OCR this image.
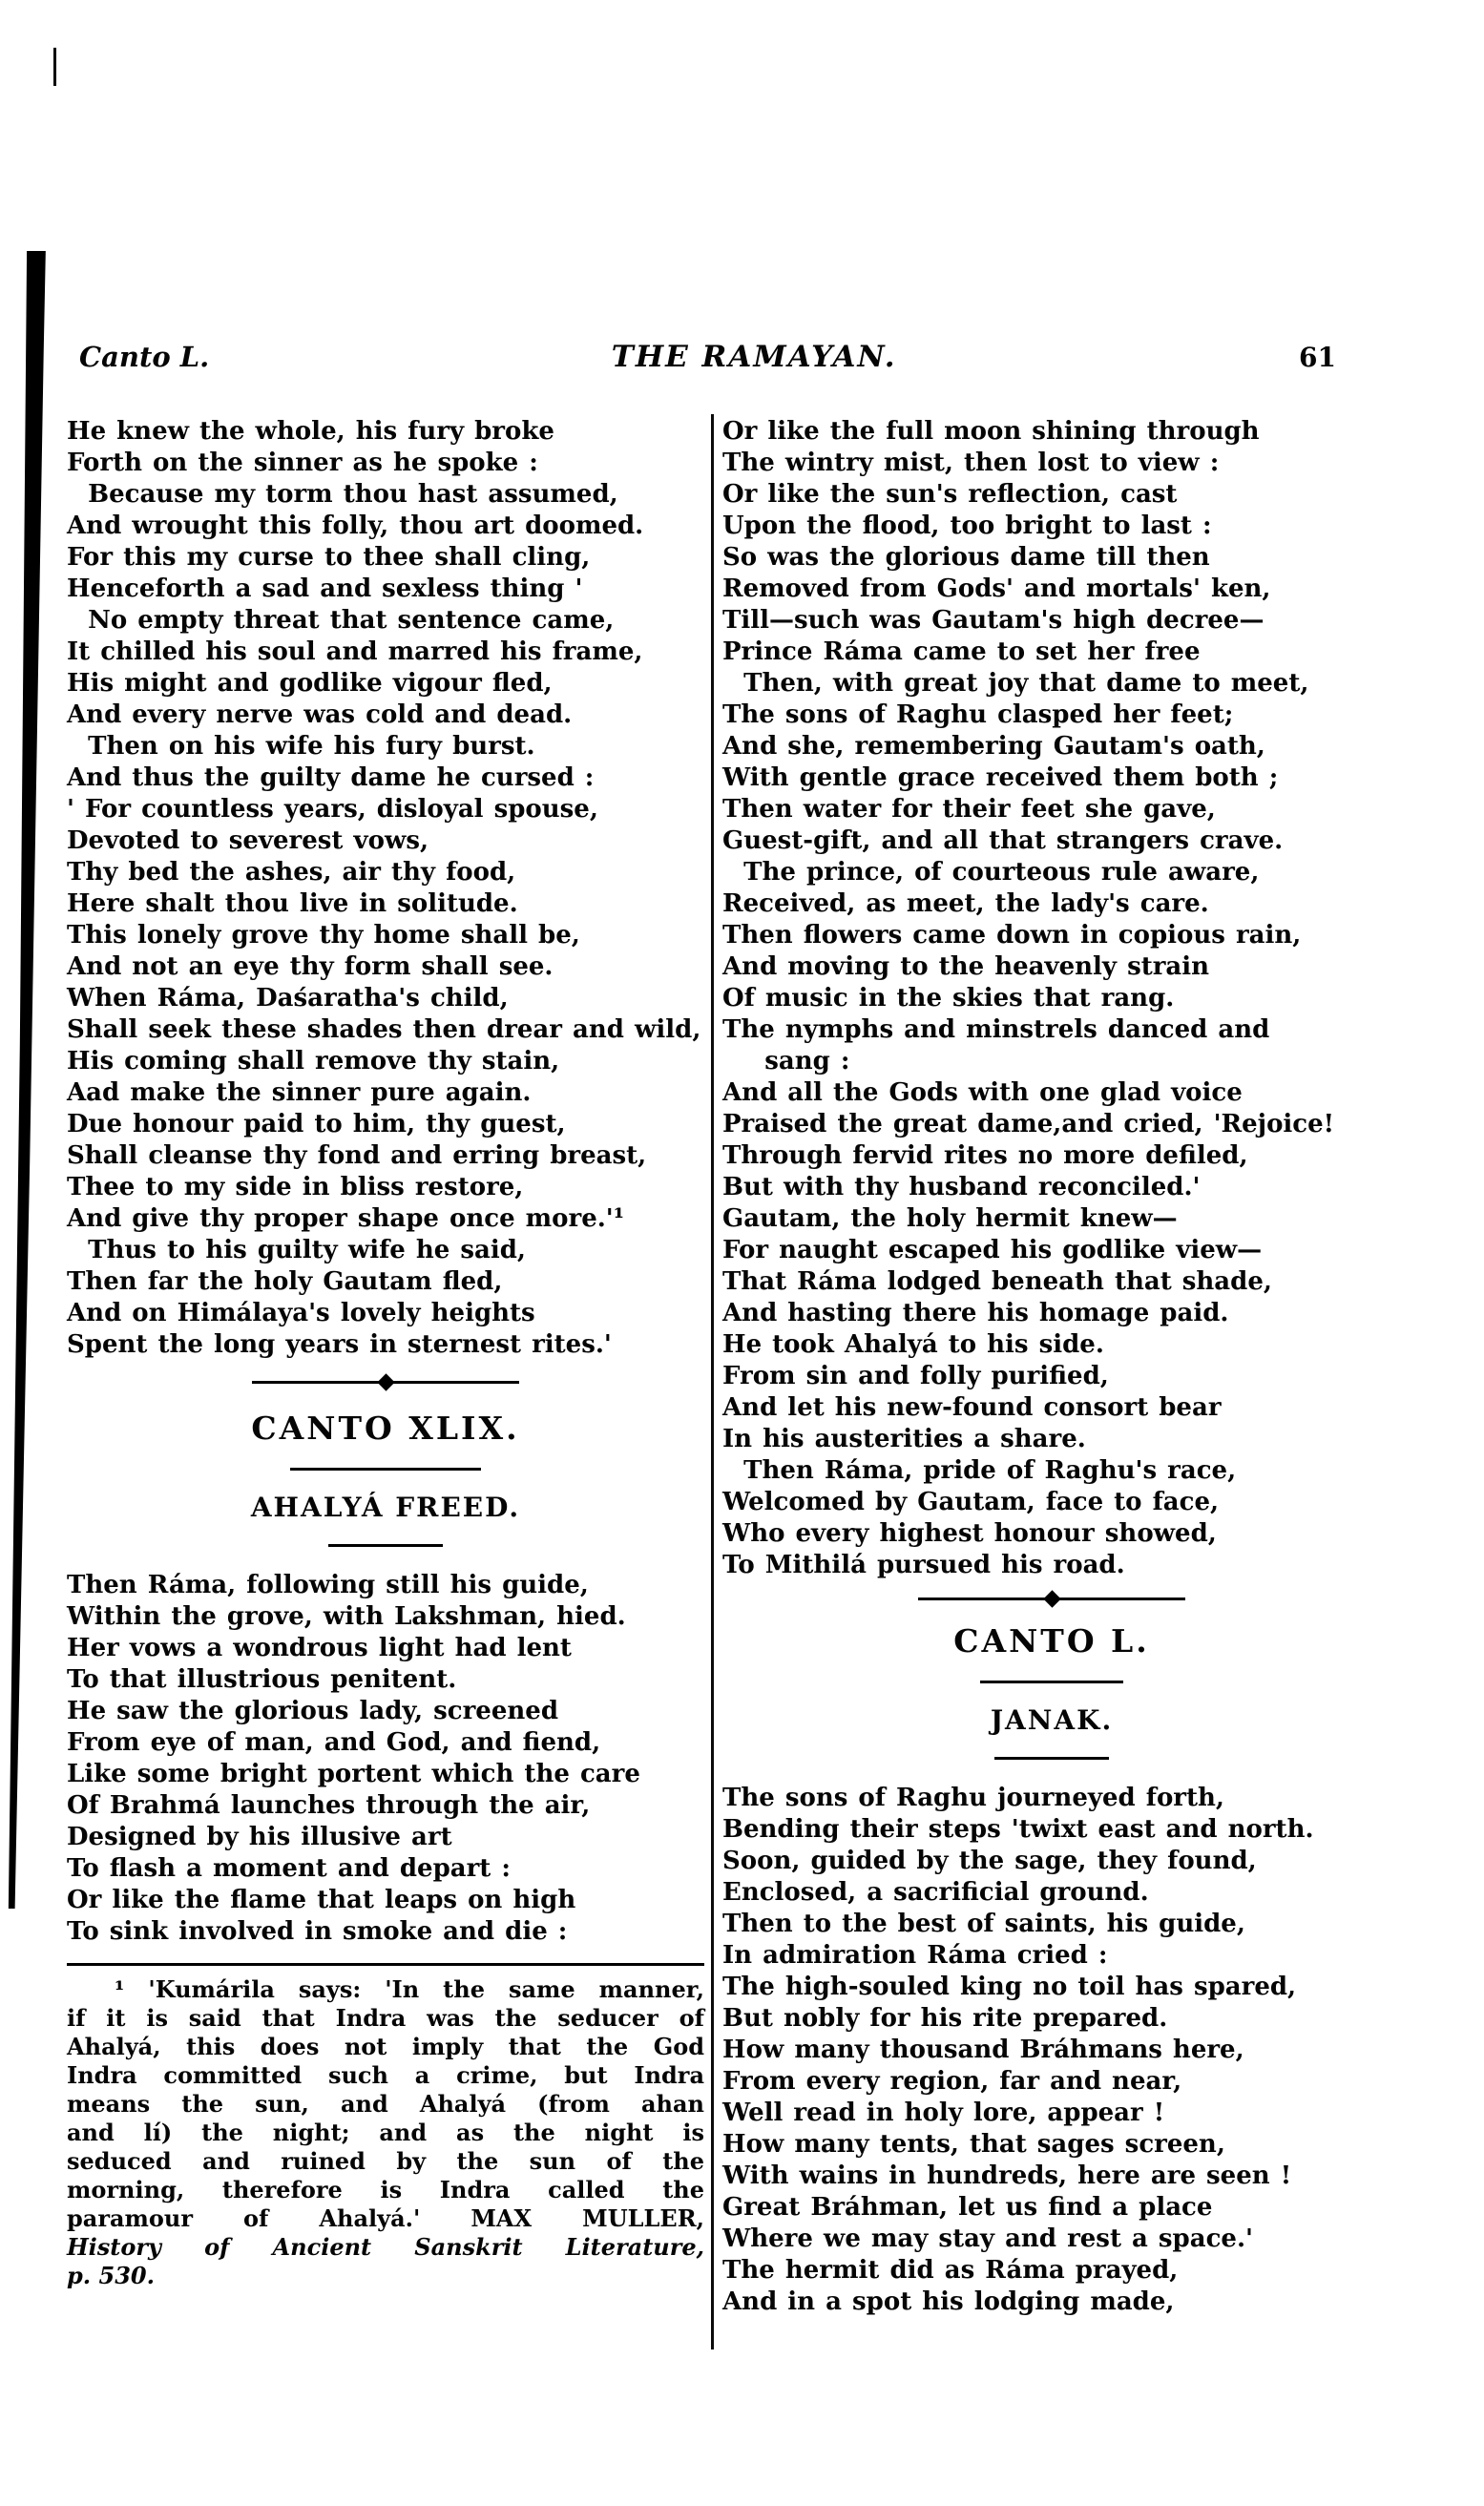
Canto L.	THE RAMAYAN.	61
He knew the whole, his fury broke
Forth on the sinner as he spoke :
Because my torm thou hast assumed,
And wrought this folly, thou art doomed.
For this my curse to thee shall cling,
Henceforth a sad and sexless thing '
No empty threat that sentence came,
It chilled his soul and marred his frame,
His might and godlike vigour fled,
And every nerve was cold and dead.
Then on his wife his fury burst.
And thus the guilty dame he cursed :
' For countless years, disloyal spouse,
Devoted to severest vows,
Thy bed the ashes, air thy food,
Here shalt thou live in solitude.
This lonely grove thy home shall be,
And not an eye thy form shall see.
When Ráma, Daśaratha's child,
Shall seek these shades then drear and wild,
His coming shall remove thy stain,
Aad make the sinner pure again.
Due honour paid to him, thy guest,
Shall cleanse thy fond and erring breast,
Thee to my side in bliss restore,
And give thy proper shape once more.'¹
Thus to his guilty wife he said,
Then far the holy Gautam fled,
And on Himálaya's lovely heights
Spent the long years in sternest rites.'
CANTO XLIX.
AHALYÁ FREED.
Then Ráma, following still his guide,
Within the grove, with Lakshman, hied.
Her vows a wondrous light had lent
To that illustrious penitent.
He saw the glorious lady, screened
From eye of man, and God, and fiend,
Like some bright portent which the care
Of Brahmá launches through the air,
Designed by his illusive art
To flash a moment and depart :
Or like the flame that leaps on high
To sink involved in smoke and die :
¹ 'Kumárila says: 'In the same manner,
if it is said that Indra was the seducer of
Ahalyá, this does not imply that the God
Indra committed such a crime, but Indra
means the sun, and Ahalyá (from ahan
and lí) the night; and as the night is
seduced and ruined by the sun of the
morning, therefore is Indra called the
paramour of Ahalyá.' MAX MULLER,
History of Ancient Sanskrit Literature,
p. 530.
Or like the full moon shining through
The wintry mist, then lost to view :
Or like the sun's reflection, cast
Upon the flood, too bright to last :
So was the glorious dame till then
Removed from Gods' and mortals' ken,
Till—such was Gautam's high decree—
Prince Ráma came to set her free
Then, with great joy that dame to meet,
The sons of Raghu clasped her feet;
And she, remembering Gautam's oath,
With gentle grace received them both ;
Then water for their feet she gave,
Guest-gift, and all that strangers crave.
The prince, of courteous rule aware,
Received, as meet, the lady's care.
Then flowers came down in copious rain,
And moving to the heavenly strain
Of music in the skies that rang.
The nymphs and minstrels danced and
sang :
And all the Gods with one glad voice
Praised the great dame,and cried, 'Rejoice!
Through fervid rites no more defiled,
But with thy husband reconciled.'
Gautam, the holy hermit knew—
For naught escaped his godlike view—
That Ráma lodged beneath that shade,
And hasting there his homage paid.
He took Ahalyá to his side.
From sin and folly purified,
And let his new-found consort bear
In his austerities a share.
Then Ráma, pride of Raghu's race,
Welcomed by Gautam, face to face,
Who every highest honour showed,
To Mithilá pursued his road.
CANTO L.
JANAK.
The sons of Raghu journeyed forth,
Bending their steps 'twixt east and north.
Soon, guided by the sage, they found,
Enclosed, a sacrificial ground.
Then to the best of saints, his guide,
In admiration Ráma cried :
The high-souled king no toil has spared,
But nobly for his rite prepared.
How many thousand Bráhmans here,
From every region, far and near,
Well read in holy lore, appear !
How many tents, that sages screen,
With wains in hundreds, here are seen !
Great Bráhman, let us find a place
Where we may stay and rest a space.'
The hermit did as Ráma prayed,
And in a spot his lodging made,
